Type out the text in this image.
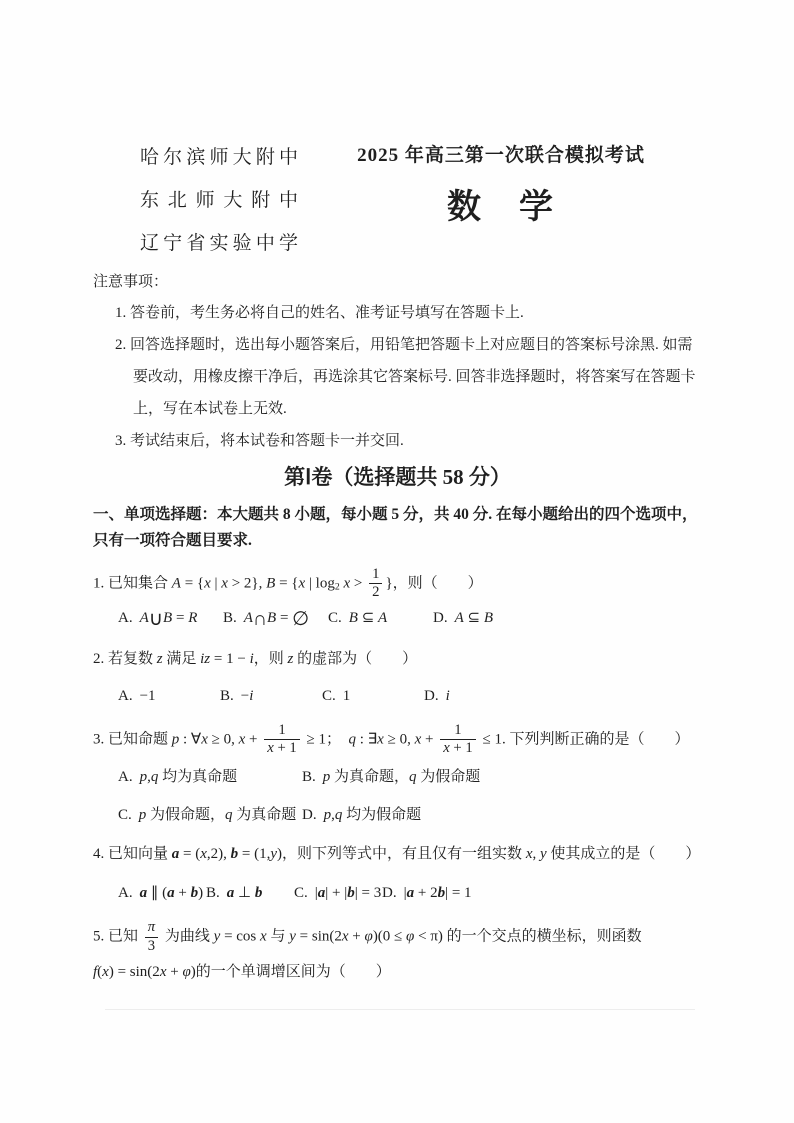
哈尔滨师大附中
东北师大附中
辽宁省实验中学
2025 年高三第一次联合模拟考试
数　学
注意事项：
1. 答卷前，考生务必将自己的姓名、准考证号填写在答题卡上.
2. 回答选择题时，选出每小题答案后，用铅笔把答题卡上对应题目的答案标号涂黑. 如需要改动，用橡皮擦干净后，再选涂其它答案标号. 回答非选择题时，将答案写在答题卡上，写在本试卷上无效.
3. 考试结束后，将本试卷和答题卡一并交回.
第Ⅰ卷（选择题共 58 分）

一、单项选择题：本大题共 8 小题，每小题 5 分，共 40 分. 在每小题给出的四个选项中，只有一项符合题目要求.

1. 已知集合 A = {x | x > 2}, B = {x | log2 $x > \frac{1}{2}$ }，则（　　）
A. A∪B = R	B. A∩B = ∅	C. B ⊆ A	D. A ⊆ B
2. 若复数 z 满足 iz = 1 − i，则 z 的虚部为（　　）
A. −1	B. −i	C. 1	D. i
3. 已知命题 p : ∀x ≥ 0, $x + \frac{1}{x + 1} \ge 1$；　 q : ∃x ≥ 0, $x + \frac{1}{x + 1} \le 1$. 下列判断正确的是（　　）
A. p,q 均为真命题	B. p 为真命题，q 为假命题
C. p 为假命题，q 为真命题 D. p,q 均为假命题
4. 已知向量 a = (x,2), b = (1,y)，则下列等式中，有且仅有一组实数 x, y 使其成立的是（　　）
A. a ∥ (a + b) B. a ⊥ b	C. |a| + |b| = 3 D. |a + 2b| = 1
5. 已知 $\frac{\pi}{3}$ 为曲线 y = cos x 与 y = sin(2x + φ)(0 ≤ φ < π) 的一个交点的横坐标，则函数
f(x) = sin(2x + φ)的一个单调增区间为（　　）
